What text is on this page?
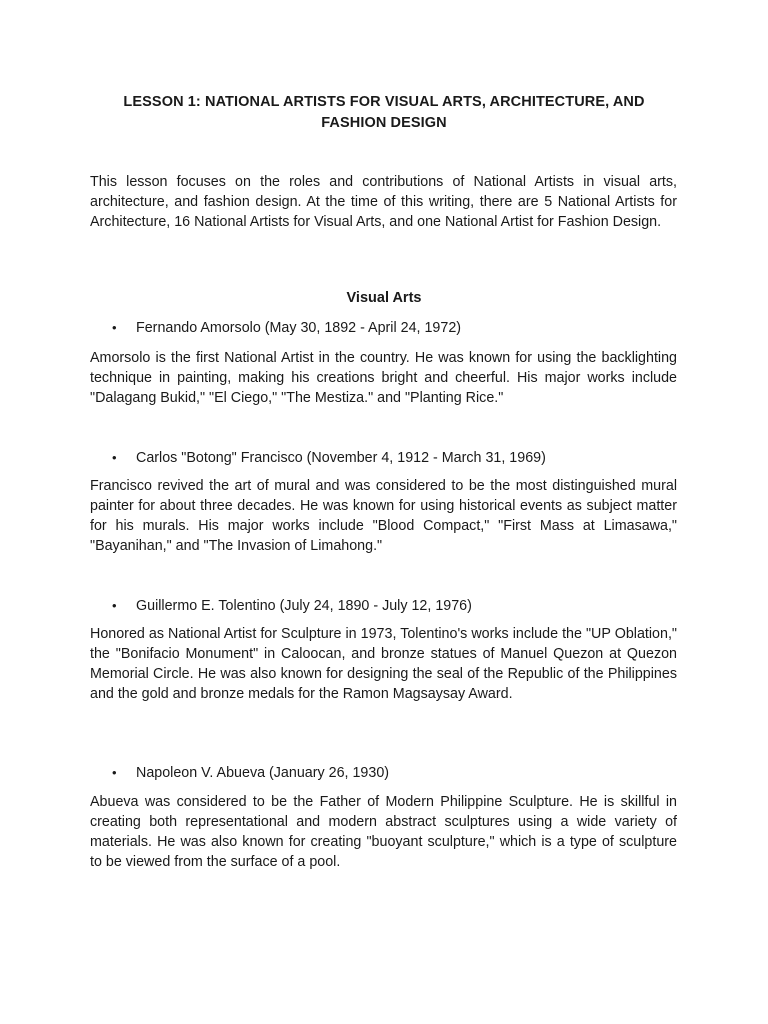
LESSON 1: NATIONAL ARTISTS FOR VISUAL ARTS, ARCHITECTURE, AND FASHION DESIGN

This lesson focuses on the roles and contributions of National Artists in visual arts, architecture, and fashion design. At the time of this writing, there are 5 National Artists for Architecture, 16 National Artists for Visual Arts, and one National Artist for Fashion Design.

Visual Arts

• Fernando Amorsolo (May 30, 1892 - April 24, 1972)

Amorsolo is the first National Artist in the country. He was known for using the backlighting technique in painting, making his creations bright and cheerful. His major works include "Dalagang Bukid," "El Ciego," "The Mestiza." and "Planting Rice."

• Carlos "Botong" Francisco (November 4, 1912 - March 31, 1969)

Francisco revived the art of mural and was considered to be the most distinguished mural painter for about three decades. He was known for using historical events as subject matter for his murals. His major works include "Blood Compact," "First Mass at Limasawa," "Bayanihan," and "The Invasion of Limahong."

• Guillermo E. Tolentino (July 24, 1890 - July 12, 1976)

Honored as National Artist for Sculpture in 1973, Tolentino's works include the "UP Oblation," the "Bonifacio Monument" in Caloocan, and bronze statues of Manuel Quezon at Quezon Memorial Circle. He was also known for designing the seal of the Republic of the Philippines and the gold and bronze medals for the Ramon Magsaysay Award.

• Napoleon V. Abueva (January 26, 1930)

Abueva was considered to be the Father of Modern Philippine Sculpture. He is skillful in creating both representational and modern abstract sculptures using a wide variety of materials. He was also known for creating "buoyant sculpture," which is a type of sculpture to be viewed from the surface of a pool.
